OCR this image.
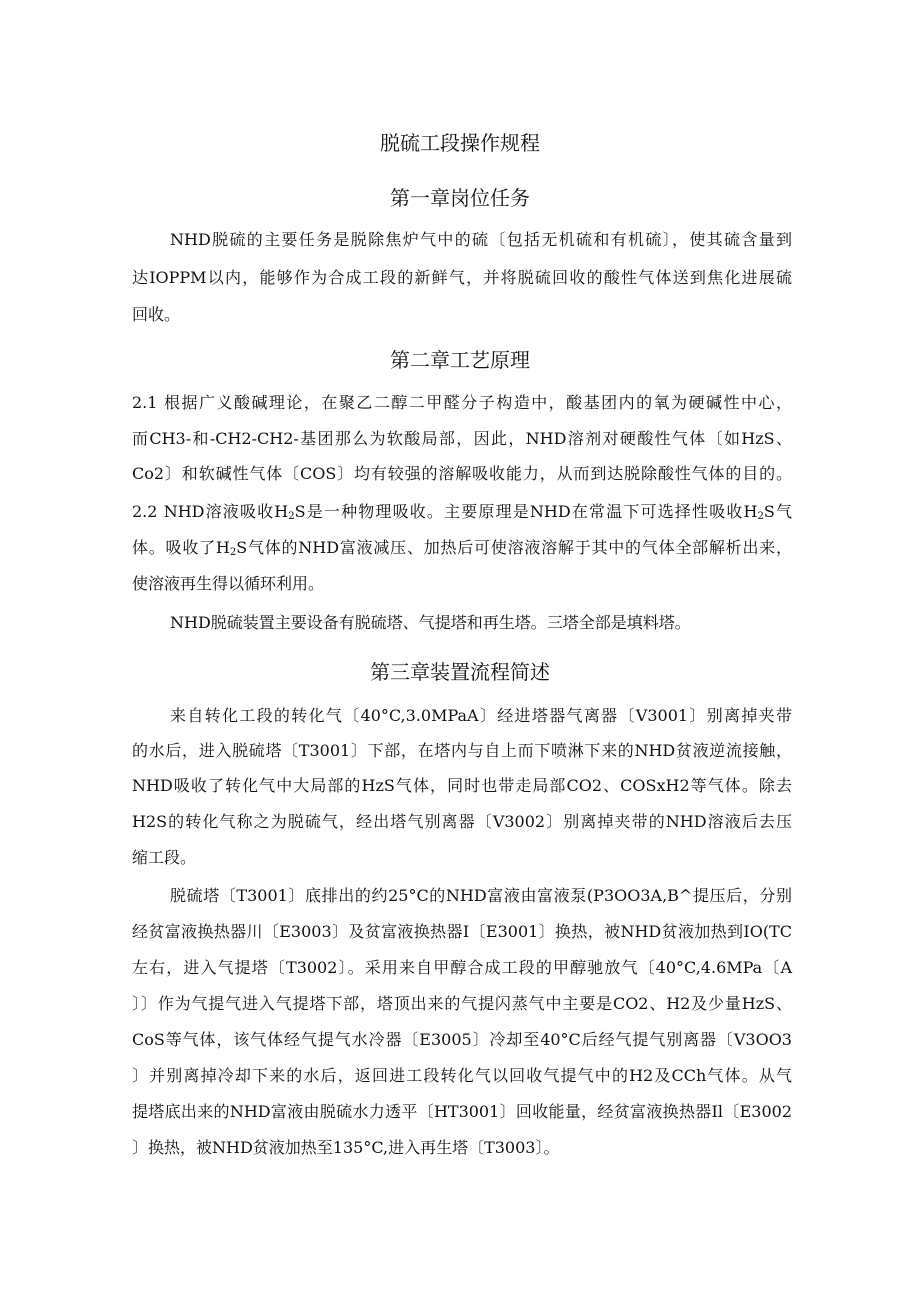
脱硫工段操作规程
第一章岗位任务
NHD脱硫的主要任务是脱除焦炉气中的硫〔包括无机硫和有机硫〕，使其硫含量到
达IOPPM以内，能够作为合成工段的新鲜气，并将脱硫回收的酸性气体送到焦化进展硫
回收。
第二章工艺原理
2.1 根据广义酸碱理论，在聚乙二醇二甲醛分子构造中，酸基团内的氧为硬碱性中心，
而CH3-和-CH2-CH2-基团那么为软酸局部，因此，NHD溶剂对硬酸性气体〔如HzS、
Co2〕和软碱性气体〔COS〕均有较强的溶解吸收能力，从而到达脱除酸性气体的目的。
2.2 NHD溶液吸收$H_2S$是一种物理吸收。主要原理是NHD在常温下可选择性吸收$H_2S$气
体。吸收了$H_2S$气体的NHD富液减压、加热后可使溶液溶解于其中的气体全部解析出来，
使溶液再生得以循环利用。
NHD脱硫装置主要设备有脱硫塔、气提塔和再生塔。三塔全部是填料塔。
第三章装置流程简述
来自转化工段的转化气〔40°C,3.0MPaA〕经进塔器气离器〔V3001〕别离掉夹带
的水后，进入脱硫塔〔T3001〕下部，在塔内与自上而下喷淋下来的NHD贫液逆流接触，
NHD吸收了转化气中大局部的HzS气体，同时也带走局部CO2、COSxH2等气体。除去
H2S的转化气称之为脱硫气，经出塔气别离器〔V3002〕别离掉夹带的NHD溶液后去压
缩工段。
脱硫塔〔T3001〕底排出的约25°C的NHD富液由富液泵(P3OO3A,B^提压后，分别
经贫富液换热器川〔E3003〕及贫富液换热器I〔E3001〕换热，被NHD贫液加热到IO(TC
左右，进入气提塔〔T3002〕。采用来自甲醇合成工段的甲醇驰放气〔40°C,4.6MPa〔A
〕〕作为气提气进入气提塔下部，塔顶出来的气提闪蒸气中主要是CO2、H2及少量HzS、
CoS等气体，该气体经气提气水冷器〔E3005〕冷却至40°C后经气提气别离器〔V3OO3
〕并别离掉冷却下来的水后，返回进工段转化气以回收气提气中的H2及CCh气体。从气
提塔底出来的NHD富液由脱硫水力透平〔HT3001〕回收能量，经贫富液换热器Il〔E3002
〕换热，被NHD贫液加热至135°C,进入再生塔〔T3003〕。
